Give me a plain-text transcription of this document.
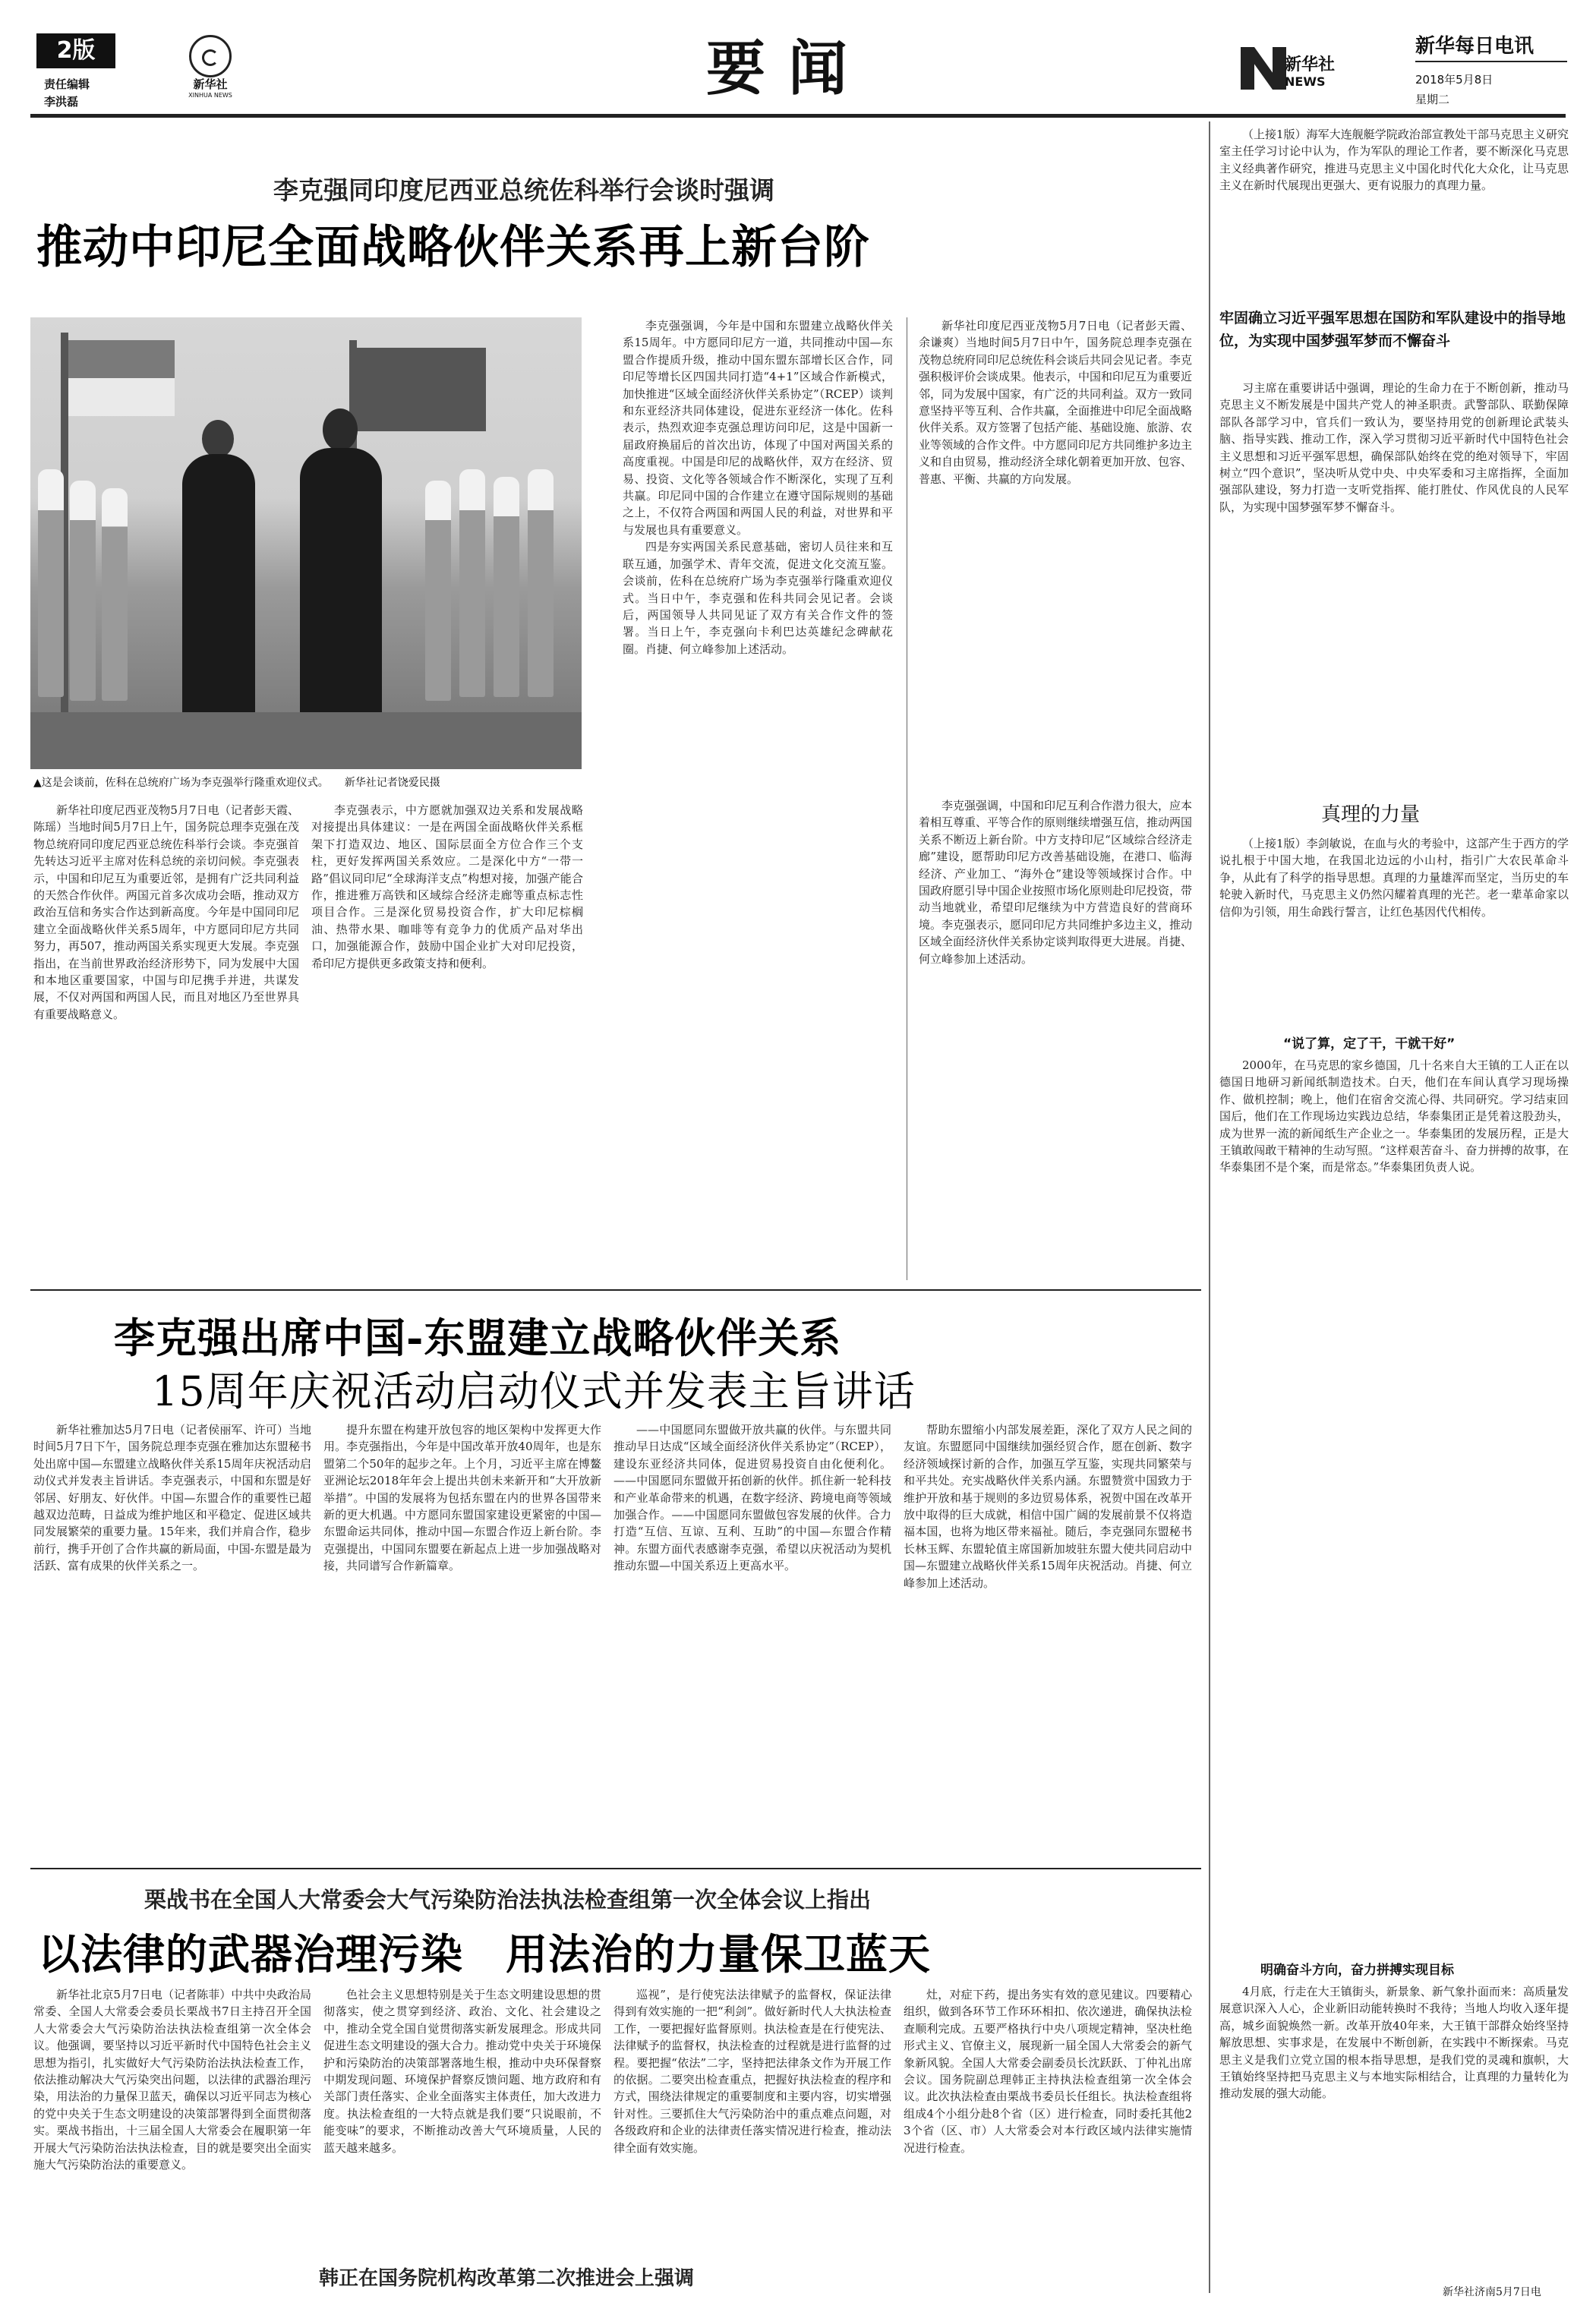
2版
责任编辑
李洪磊
新华社
XINHUA NEWS	要闻	新华社
NEWS
新华每日电讯
2018年5月8日
星期二
李克强同印度尼西亚总统佐科举行会谈时强调
推动中印尼全面战略伙伴关系再上新台阶
▲这是会谈前，佐科在总统府广场为李克强举行隆重欢迎仪式。　　新华社记者饶爱民摄

新华社印度尼西亚茂物5月7日电（记者彭天霞、陈瑶）当地时间5月7日上午，国务院总理李克强在茂物总统府同印度尼西亚总统佐科举行会谈。李克强首先转达习近平主席对佐科总统的亲切问候。李克强表示，中国和印尼互为重要近邻，是拥有广泛共同利益的天然合作伙伴。两国元首多次成功会晤，推动双方政治互信和务实合作达到新高度。今年是中国同印尼建立全面战略伙伴关系5周年，中方愿同印尼方共同努力，再507，推动两国关系实现更大发展。李克强指出，在当前世界政治经济形势下，同为发展中大国和本地区重要国家，中国与印尼携手并进，共谋发展，不仅对两国和两国人民，而且对地区乃至世界具有重要战略意义。

李克强表示，中方愿就加强双边关系和发展战略对接提出具体建议：一是在两国全面战略伙伴关系框架下打造双边、地区、国际层面全方位合作三个支柱，更好发挥两国关系效应。二是深化中方“一带一路”倡议同印尼“全球海洋支点”构想对接，加强产能合作，推进雅万高铁和区域综合经济走廊等重点标志性项目合作。三是深化贸易投资合作，扩大印尼棕榈油、热带水果、咖啡等有竞争力的优质产品对华出口，加强能源合作，鼓励中国企业扩大对印尼投资，希印尼方提供更多政策支持和便利。

李克强强调，今年是中国和东盟建立战略伙伴关系15周年。中方愿同印尼方一道，共同推动中国—东盟合作提质升级，推动中国东盟东部增长区合作，同印尼等增长区四国共同打造“4+1”区域合作新模式，加快推进“区域全面经济伙伴关系协定”（RCEP）谈判和东亚经济共同体建设，促进东亚经济一体化。佐科表示，热烈欢迎李克强总理访问印尼，这是中国新一届政府换届后的首次出访，体现了中国对两国关系的高度重视。中国是印尼的战略伙伴，双方在经济、贸易、投资、文化等各领域合作不断深化，实现了互利共赢。印尼同中国的合作建立在遵守国际规则的基础之上，不仅符合两国和两国人民的利益，对世界和平与发展也具有重要意义。

四是夯实两国关系民意基础，密切人员往来和互联互通，加强学术、青年交流，促进文化交流互鉴。会谈前，佐科在总统府广场为李克强举行隆重欢迎仪式。当日中午，李克强和佐科共同会见记者。会谈后，两国领导人共同见证了双方有关合作文件的签署。当日上午，李克强向卡利巴达英雄纪念碑献花圈。肖捷、何立峰参加上述活动。

新华社印度尼西亚茂物5月7日电（记者彭天霞、余谦爽）当地时间5月7日中午，国务院总理李克强在茂物总统府同印尼总统佐科会谈后共同会见记者。李克强积极评价会谈成果。他表示，中国和印尼互为重要近邻，同为发展中国家，有广泛的共同利益。双方一致同意坚持平等互利、合作共赢，全面推进中印尼全面战略伙伴关系。双方签署了包括产能、基础设施、旅游、农业等领域的合作文件。中方愿同印尼方共同维护多边主义和自由贸易，推动经济全球化朝着更加开放、包容、普惠、平衡、共赢的方向发展。

李克强强调，中国和印尼互利合作潜力很大，应本着相互尊重、平等合作的原则继续增强互信，推动两国关系不断迈上新台阶。中方支持印尼“区域综合经济走廊”建设，愿帮助印尼方改善基础设施，在港口、临海经济、产业加工、“海外仓”建设等领域探讨合作。中国政府愿引导中国企业按照市场化原则赴印尼投资，带动当地就业，希望印尼继续为中方营造良好的营商环境。李克强表示，愿同印尼方共同维护多边主义，推动区域全面经济伙伴关系协定谈判取得更大进展。肖捷、何立峰参加上述活动。

李克强出席中国-东盟建立战略伙伴关系
15周年庆祝活动启动仪式并发表主旨讲话

新华社雅加达5月7日电（记者侯丽军、许可）当地时间5月7日下午，国务院总理李克强在雅加达东盟秘书处出席中国—东盟建立战略伙伴关系15周年庆祝活动启动仪式并发表主旨讲话。李克强表示，中国和东盟是好邻居、好朋友、好伙伴。中国—东盟合作的重要性已超越双边范畴，日益成为维护地区和平稳定、促进区域共同发展繁荣的重要力量。15年来，我们并肩合作，稳步前行，携手开创了合作共赢的新局面，中国-东盟是最为活跃、富有成果的伙伴关系之一。

提升东盟在构建开放包容的地区架构中发挥更大作用。李克强指出，今年是中国改革开放40周年，也是东盟第二个50年的起步之年。上个月，习近平主席在博鳌亚洲论坛2018年年会上提出共创未来新开和“大开放新举措”。中国的发展将为包括东盟在内的世界各国带来新的更大机遇。中方愿同东盟国家建设更紧密的中国—东盟命运共同体，推动中国—东盟合作迈上新台阶。李克强提出，中国同东盟要在新起点上进一步加强战略对接，共同谱写合作新篇章。

——中国愿同东盟做开放共赢的伙伴。与东盟共同推动早日达成“区域全面经济伙伴关系协定”（RCEP），建设东亚经济共同体，促进贸易投资自由化便利化。——中国愿同东盟做开拓创新的伙伴。抓住新一轮科技和产业革命带来的机遇，在数字经济、跨境电商等领域加强合作。——中国愿同东盟做包容发展的伙伴。合力打造“互信、互谅、互利、互助”的中国—东盟合作精神。东盟方面代表感谢李克强，希望以庆祝活动为契机推动东盟—中国关系迈上更高水平。

帮助东盟缩小内部发展差距，深化了双方人民之间的友谊。东盟愿同中国继续加强经贸合作，愿在创新、数字经济领域探讨新的合作，加强互学互鉴，实现共同繁荣与和平共处。充实战略伙伴关系内涵。东盟赞赏中国致力于维护开放和基于规则的多边贸易体系，祝贺中国在改革开放中取得的巨大成就，相信中国广阔的发展前景不仅将造福本国，也将为地区带来福祉。随后，李克强同东盟秘书长林玉辉、东盟轮值主席国新加坡驻东盟大使共同启动中国—东盟建立战略伙伴关系15周年庆祝活动。肖捷、何立峰参加上述活动。

栗战书在全国人大常委会大气污染防治法执法检查组第一次全体会议上指出
以法律的武器治理污染　用法治的力量保卫蓝天

新华社北京5月7日电（记者陈菲）中共中央政治局常委、全国人大常委会委员长栗战书7日主持召开全国人大常委会大气污染防治法执法检查组第一次全体会议。他强调，要坚持以习近平新时代中国特色社会主义思想为指引，扎实做好大气污染防治法执法检查工作，依法推动解决大气污染突出问题，以法律的武器治理污染，用法治的力量保卫蓝天，确保以习近平同志为核心的党中央关于生态文明建设的决策部署得到全面贯彻落实。栗战书指出，十三届全国人大常委会在履职第一年开展大气污染防治法执法检查，目的就是要突出全面实施大气污染防治法的重要意义。

色社会主义思想特别是关于生态文明建设思想的贯彻落实，使之贯穿到经济、政治、文化、社会建设之中，推动全党全国自觉贯彻落实新发展理念。形成共同促进生态文明建设的强大合力。推动党中央关于环境保护和污染防治的决策部署落地生根，推动中央环保督察中期发现问题、环境保护督察反馈问题、地方政府和有关部门责任落实、企业全面落实主体责任，加大改进力度。执法检查组的一大特点就是我们要“只说眼前，不能变味”的要求，不断推动改善大气环境质量，人民的蓝天越来越多。

巡视”，是行使宪法法律赋予的监督权，保证法律得到有效实施的一把“利剑”。做好新时代人大执法检查工作，一要把握好监督原则。执法检查是在行使宪法、法律赋予的监督权，执法检查的过程就是进行监督的过程。要把握“依法”二字，坚持把法律条文作为开展工作的依据。二要突出检查重点，把握好执法检查的程序和方式，围绕法律规定的重要制度和主要内容，切实增强针对性。三要抓住大气污染防治中的重点难点问题，对各级政府和企业的法律责任落实情况进行检查，推动法律全面有效实施。

灶，对症下药，提出务实有效的意见建议。四要精心组织，做到各环节工作环环相扣、依次递进，确保执法检查顺利完成。五要严格执行中央八项规定精神，坚决杜绝形式主义、官僚主义，展现新一届全国人大常委会的新气象新风貌。全国人大常委会副委员长沈跃跃、丁仲礼出席会议。国务院副总理韩正主持执法检查组第一次全体会议。此次执法检查由栗战书委员长任组长。执法检查组将组成4个小组分赴8个省（区）进行检查，同时委托其他23个省（区、市）人大常委会对本行政区域内法律实施情况进行检查。

韩正在国务院机构改革第二次推进会上强调

（上接1版）海军大连舰艇学院政治部宣教处干部马克思主义研究室主任学习讨论中认为，作为军队的理论工作者，要不断深化马克思主义经典著作研究，推进马克思主义中国化时代化大众化，让马克思主义在新时代展现出更强大、更有说服力的真理力量。

牢固确立习近平强军思想在国防和军队建设中的指导地位，为实现中国梦强军梦而不懈奋斗

习主席在重要讲话中强调，理论的生命力在于不断创新，推动马克思主义不断发展是中国共产党人的神圣职责。武警部队、联勤保障部队各部学习中，官兵们一致认为，要坚持用党的创新理论武装头脑、指导实践、推动工作，深入学习贯彻习近平新时代中国特色社会主义思想和习近平强军思想，确保部队始终在党的绝对领导下，牢固树立“四个意识”，坚决听从党中央、中央军委和习主席指挥，全面加强部队建设，努力打造一支听党指挥、能打胜仗、作风优良的人民军队，为实现中国梦强军梦不懈奋斗。

真理的力量

（上接1版）李剑敏说，在血与火的考验中，这部产生于西方的学说扎根于中国大地，在我国北边远的小山村，指引广大农民革命斗争，从此有了科学的指导思想。真理的力量雄浑而坚定，当历史的车轮驶入新时代，马克思主义仍然闪耀着真理的光芒。老一辈革命家以信仰为引领，用生命践行誓言，让红色基因代代相传。

“说了算，定了干，干就干好”

2000年，在马克思的家乡德国，几十名来自大王镇的工人正在以德国日地研习新闻纸制造技术。白天，他们在车间认真学习现场操作、做机控制；晚上，他们在宿舍交流心得、共同研究。学习结束回国后，他们在工作现场边实践边总结，华泰集团正是凭着这股劲头，成为世界一流的新闻纸生产企业之一。华泰集团的发展历程，正是大王镇敢闯敢干精神的生动写照。“这样艰苦奋斗、奋力拼搏的故事，在华泰集团不是个案，而是常态。”华泰集团负责人说。

明确奋斗方向，奋力拼搏实现目标

4月底，行走在大王镇街头，新景象、新气象扑面而来：高质量发展意识深入人心，企业新旧动能转换时不我待；当地人均收入逐年提高，城乡面貌焕然一新。改革开放40年来，大王镇干部群众始终坚持解放思想、实事求是，在发展中不断创新，在实践中不断探索。马克思主义是我们立党立国的根本指导思想，是我们党的灵魂和旗帜，大王镇始终坚持把马克思主义与本地实际相结合，让真理的力量转化为推动发展的强大动能。

新华社济南5月7日电
